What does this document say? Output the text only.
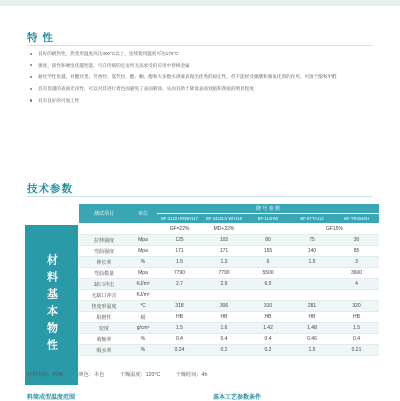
特 性
良好的耐热性，热变形温度高达300°C以上，连续使用温度可达170°C
强度、韧性和硬度优越性能，可在传统的尼龙所无法承受的应用中替换金属
耐化学性优越，对酯烃类、芳香烃、氯代烃、酯、酮、醇和大多数水溶液表现出优秀的稳定性，但不能经受强酸和强氧化剂的作用，可溶于酚和甲醛
具有优越的表面光泽性，可以对其进行着色而避免了表面喷涂，从而有助于降低表面划痕和刮痕的明显程度
具有良好的可加工性
技术参数
材料基本物性
测试项目	单位	牌 号 参 数				
		BF-4122 HRWH117	BF-4422LS WH119	BF-114HW	BF-5TTA112	BF-TR2040H
		GF=22%	MD+22%		GF15%	
拉伸强度	Mpa	125	102	80	75	30
弯曲强度	Mpa	171	171	155	140	85
伸长率	%	1.5	1.3	6	1.5	3
弯曲模量	Mpa	7790	7790	5500		3600
缺口冲击	KJ/m²	2.7	2.9	6.5		4
无缺口冲击	KJ/m²					
热变形温度	°C	318	306	310	281	320
阻燃性	级	HB	HB	HB	HB	HB
密度	g/cm³	1.5	1.6	1.42	1.48	1.5
收缩率	%	0.4	0.4	0.4	0.46	0.4
吸水率	%	0.24	0.2	0.2	1.5	0.21
材料名称：PPA	颜色：本色	干燥温度：120°C	干燥时间：4h
料筒成型温度范围	基本工艺参数条件
